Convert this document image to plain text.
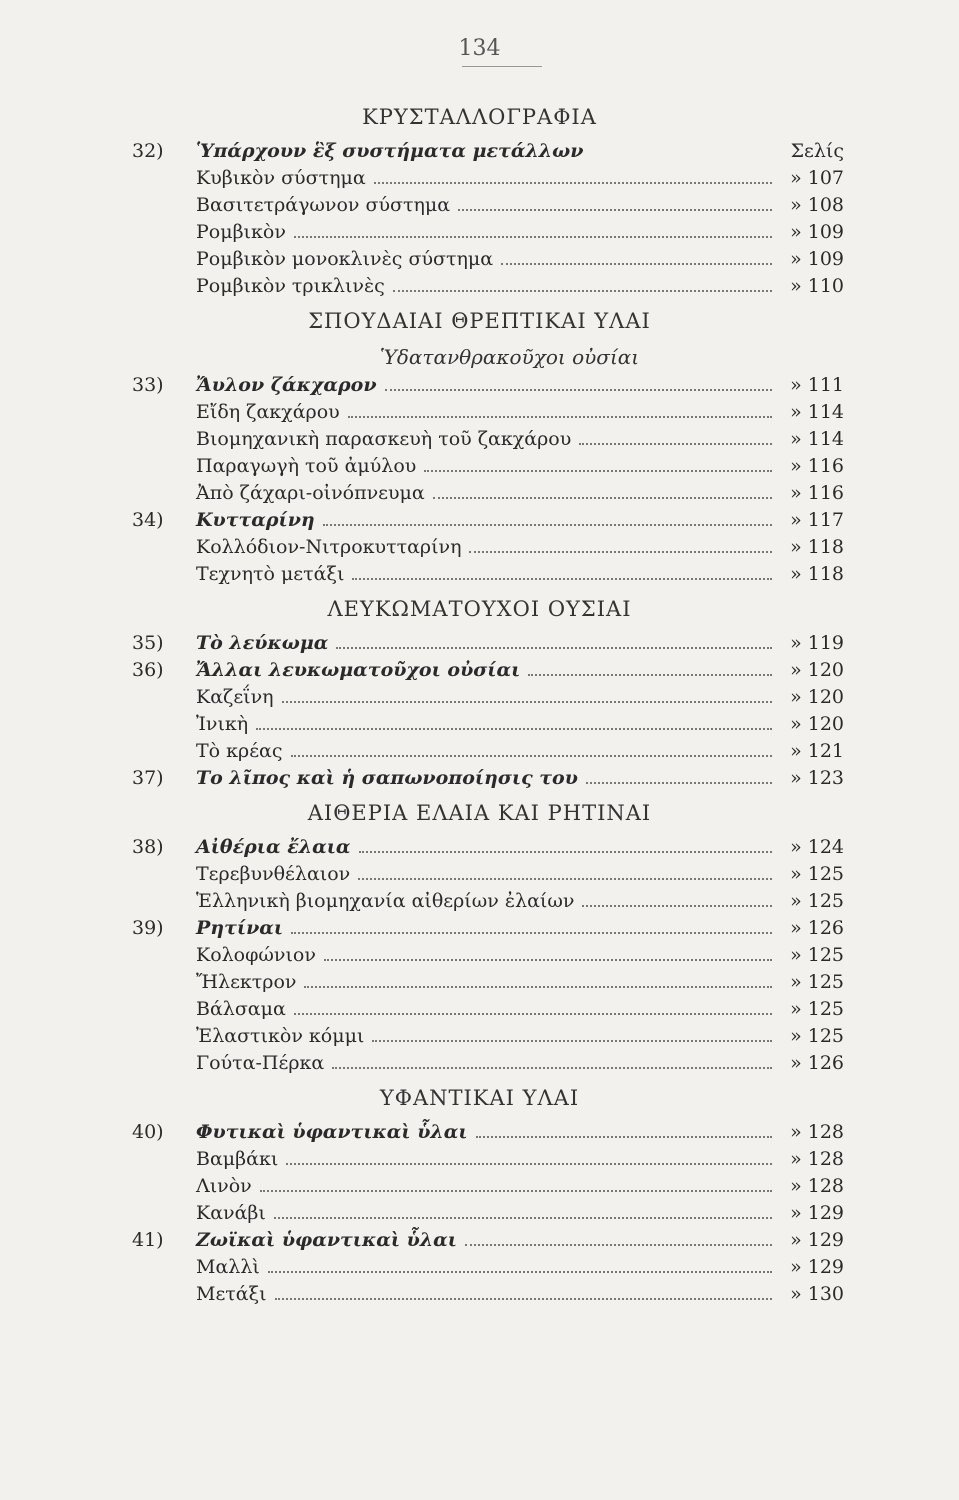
134
ΚΡΥΣΤΑΛΛΟΓΡΑΦΙΑ
32)	Ὑπάρχουν ἓξ συστήματα μετάλλων	Σελίς
Κυβικὸν σύστημα	» 107
Βασιτετράγωνον σύστημα	» 108
Ρομβικὸν	» 109
Ρομβικὸν μονοκλινὲς σύστημα	» 109
Ρομβικὸν τρικλινὲς	» 110
ΣΠΟΥΔΑΙΑΙ ΘΡΕΠΤΙΚΑΙ ΥΛΑΙ
Ὑδατανθρακοῦχοι οὐσίαι
33)	Ἄυλον ζάκχαρον	» 111
Εἴδη ζακχάρου	» 114
Βιομηχανικὴ παρασκευὴ τοῦ ζακχάρου	» 114
Παραγωγὴ τοῦ ἀμύλου	» 116
Ἀπὸ ζάχαρι-οἰνόπνευμα	» 116
34)	Κυτταρίνη	» 117
Κολλόδιον-Νιτροκυτταρίνη	» 118
Τεχνητὸ μετάξι	» 118
ΛΕΥΚΩΜΑΤΟΥΧΟΙ ΟΥΣΙΑΙ
35)	Τὸ λεύκωμα	» 119
36)	Ἄλλαι λευκωματοῦχοι οὐσίαι	» 120
Καζεΐνη	» 120
Ἰνικὴ	» 120
Τὸ κρέας	» 121
37)	Το λῖπος καὶ ἡ σαπωνοποίησις του	» 123
ΑΙΘΕΡΙΑ ΕΛΑΙΑ ΚΑΙ ΡΗΤΙΝΑΙ
38)	Αἰθέρια ἔλαια	» 124
Τερεβυνθέλαιον	» 125
Ἑλληνικὴ βιομηχανία αἰθερίων ἐλαίων	» 125
39)	Ρητίναι	» 126
Κολοφώνιον	» 125
Ἤλεκτρον	» 125
Βάλσαμα	» 125
Ἐλαστικὸν κόμμι	» 125
Γούτα-Πέρκα	» 126
ΥΦΑΝΤΙΚΑΙ ΥΛΑΙ
40)	Φυτικαὶ ὑφαντικαὶ ὗλαι	» 128
Βαμβάκι	» 128
Λινὸν	» 128
Κανάβι	» 129
41)	Ζωϊκαὶ ὑφαντικαὶ ὗλαι	» 129
Μαλλὶ	» 129
Μετάξι	» 130
